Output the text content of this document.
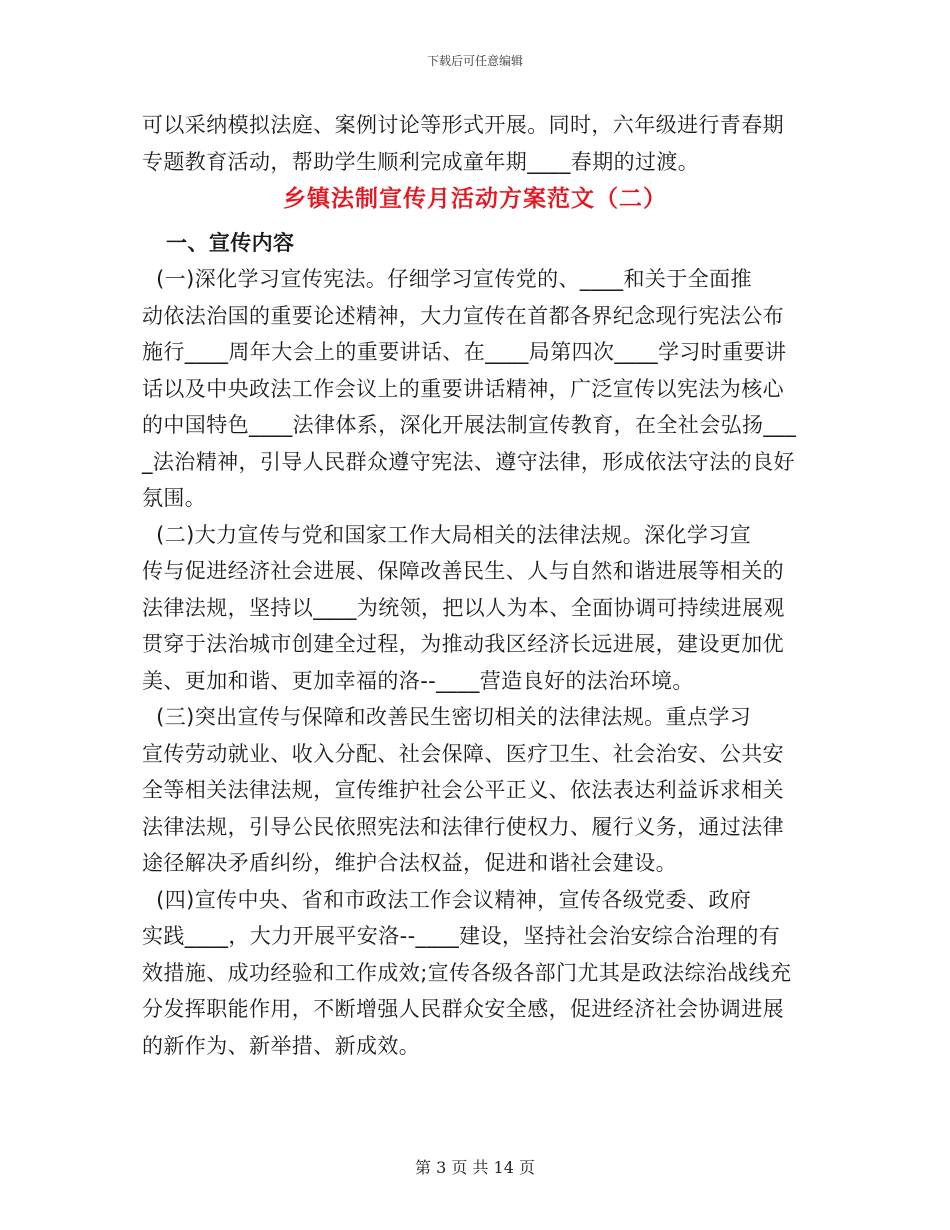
下载后可任意编辑
可以采纳模拟法庭、案例讨论等形式开展。同时，六年级进行青春期
专题教育活动，帮助学生顺利完成童年期____春期的过渡。
乡镇法制宣传月活动方案范文（二）
一、宣传内容
(一)深化学习宣传宪法。仔细学习宣传党的、____和关于全面推
动依法治国的重要论述精神，大力宣传在首都各界纪念现行宪法公布
施行____周年大会上的重要讲话、在____局第四次____学习时重要讲
话以及中央政法工作会议上的重要讲话精神，广泛宣传以宪法为核心
的中国特色____法律体系，深化开展法制宣传教育，在全社会弘扬___
_法治精神，引导人民群众遵守宪法、遵守法律，形成依法守法的良好
氛围。
(二)大力宣传与党和国家工作大局相关的法律法规。深化学习宣
传与促进经济社会进展、保障改善民生、人与自然和谐进展等相关的
法律法规，坚持以____为统领，把以人为本、全面协调可持续进展观
贯穿于法治城市创建全过程，为推动我区经济长远进展，建设更加优
美、更加和谐、更加幸福的洛--____营造良好的法治环境。
(三)突出宣传与保障和改善民生密切相关的法律法规。重点学习
宣传劳动就业、收入分配、社会保障、医疗卫生、社会治安、公共安
全等相关法律法规，宣传维护社会公平正义、依法表达利益诉求相关
法律法规，引导公民依照宪法和法律行使权力、履行义务，通过法律
途径解决矛盾纠纷，维护合法权益，促进和谐社会建设。
(四)宣传中央、省和市政法工作会议精神，宣传各级党委、政府
实践____，大力开展平安洛--____建设，坚持社会治安综合治理的有
效措施、成功经验和工作成效;宣传各级各部门尤其是政法综治战线充
分发挥职能作用，不断增强人民群众安全感，促进经济社会协调进展
的新作为、新举措、新成效。
第 3 页 共 14 页
